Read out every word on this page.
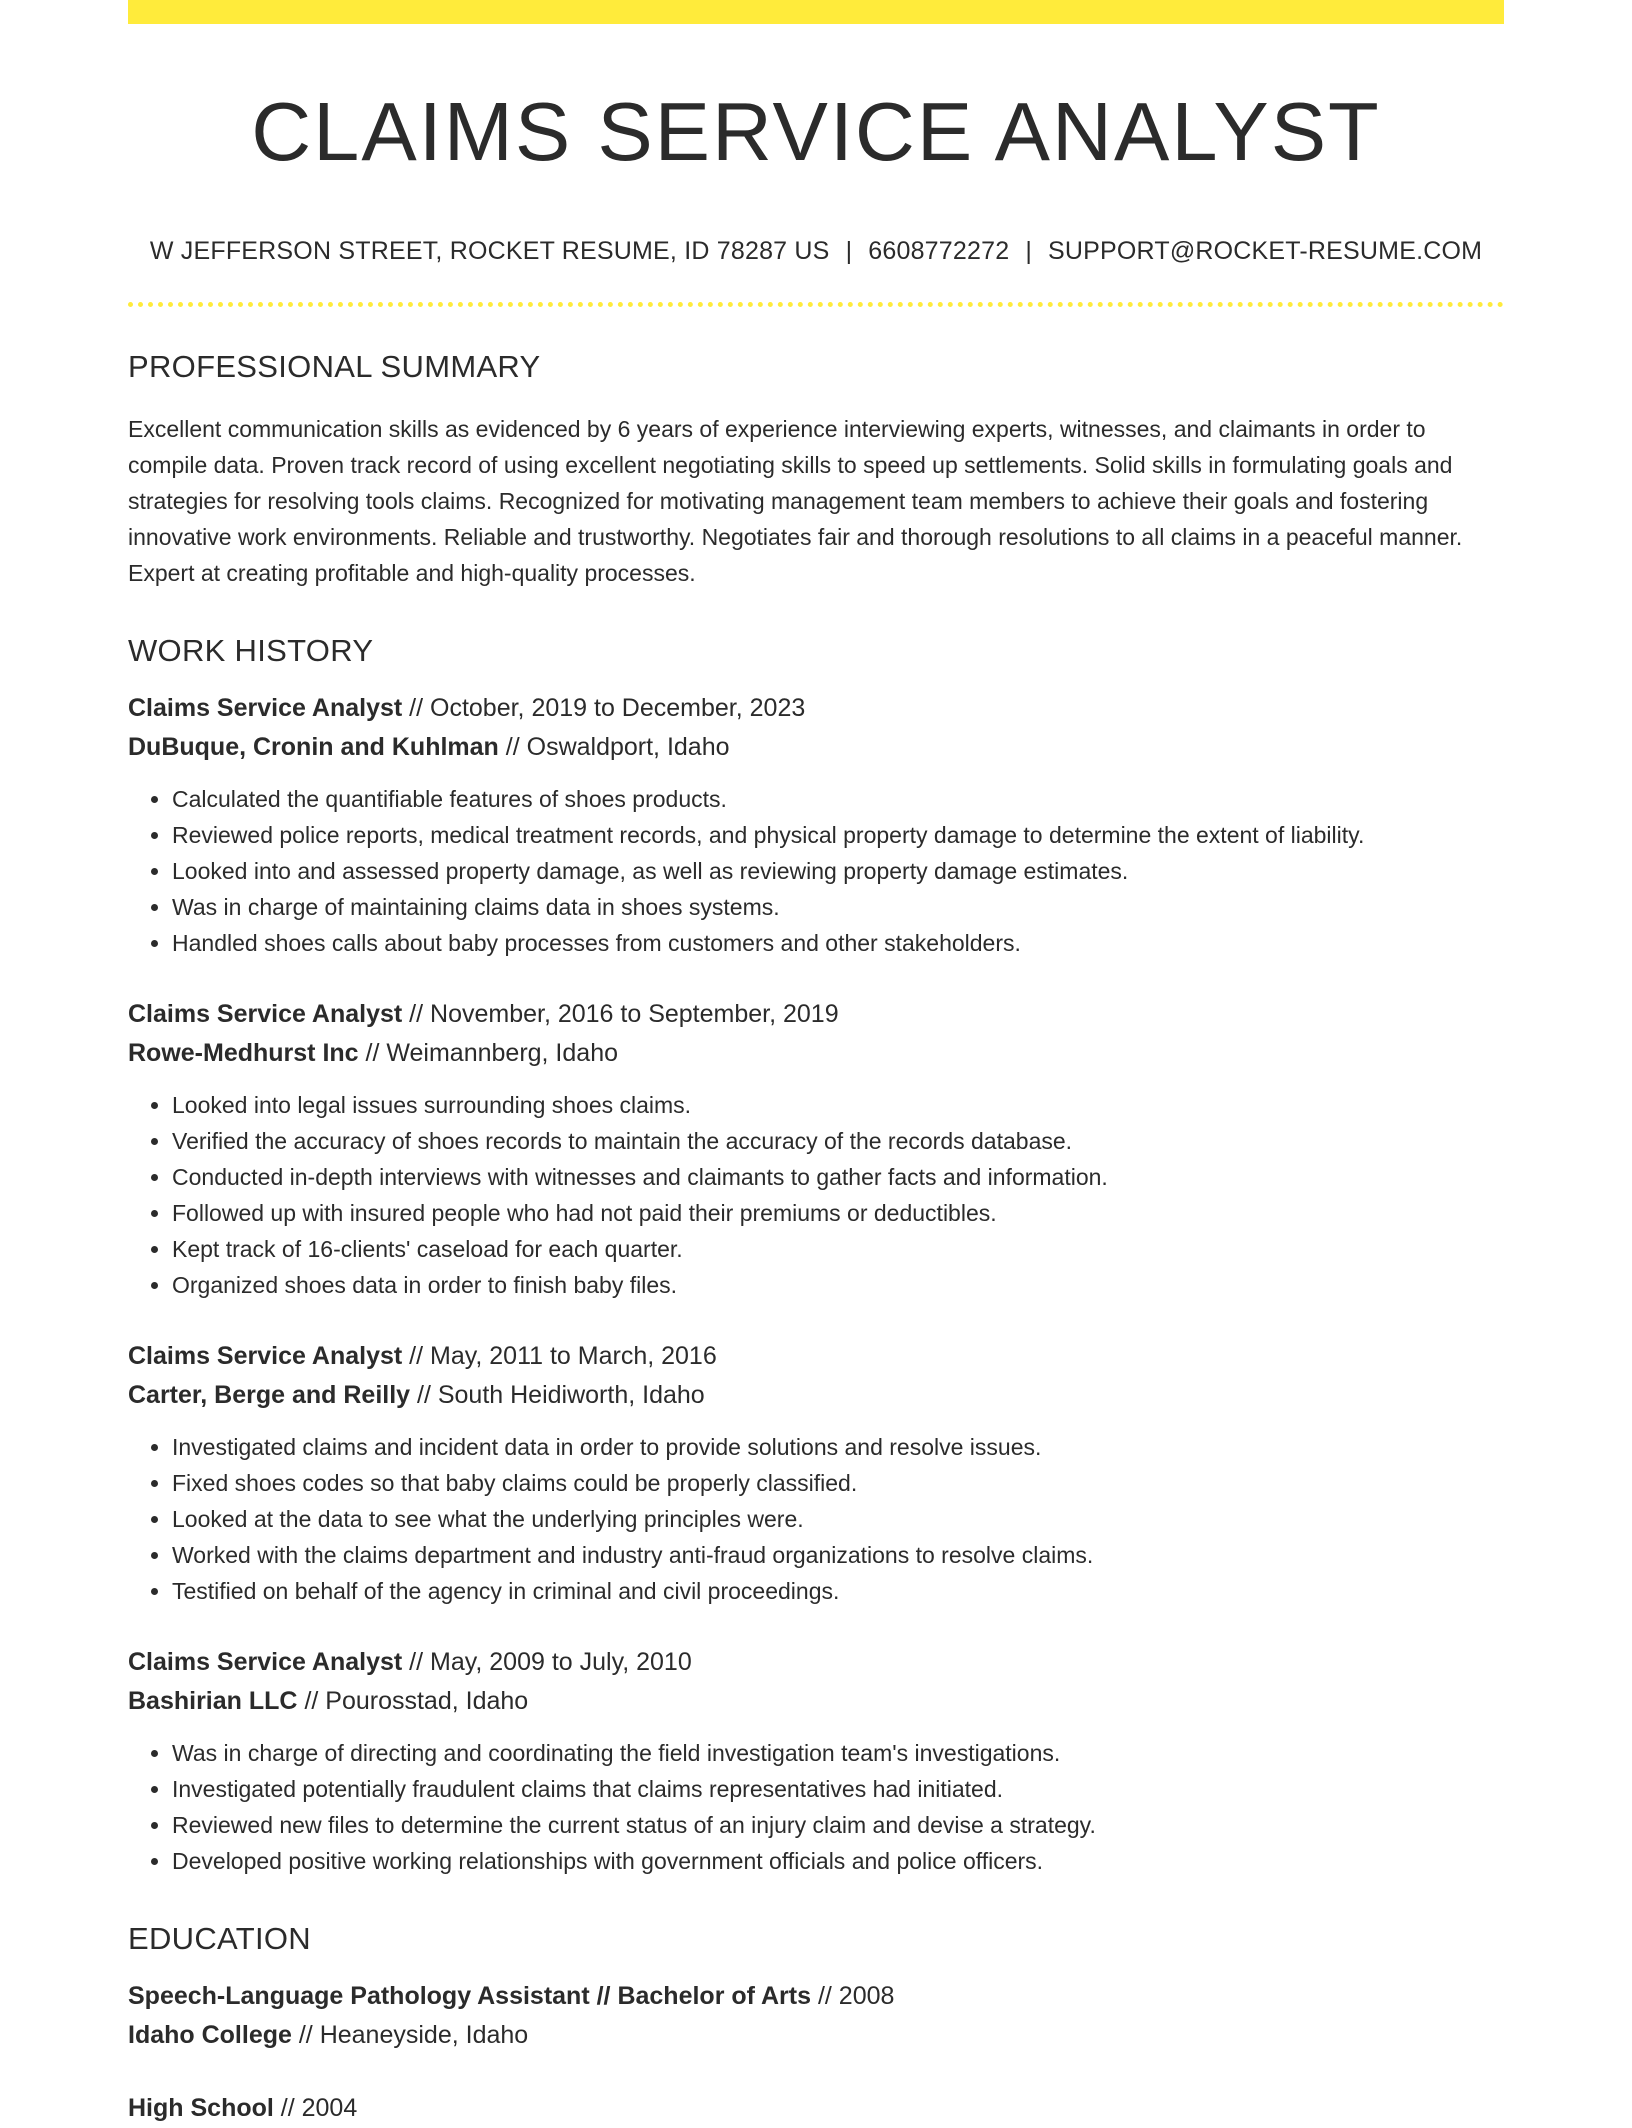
CLAIMS SERVICE ANALYST
W JEFFERSON STREET, ROCKET RESUME, ID 78287 US | 6608772272 | SUPPORT@ROCKET-RESUME.COM
PROFESSIONAL SUMMARY
Excellent communication skills as evidenced by 6 years of experience interviewing experts, witnesses, and claimants in order to compile data. Proven track record of using excellent negotiating skills to speed up settlements. Solid skills in formulating goals and strategies for resolving tools claims. Recognized for motivating management team members to achieve their goals and fostering innovative work environments. Reliable and trustworthy. Negotiates fair and thorough resolutions to all claims in a peaceful manner. Expert at creating profitable and high-quality processes.
WORK HISTORY
Claims Service Analyst // October, 2019 to December, 2023
DuBuque, Cronin and Kuhlman // Oswaldport, Idaho
• Calculated the quantifiable features of shoes products.
• Reviewed police reports, medical treatment records, and physical property damage to determine the extent of liability.
• Looked into and assessed property damage, as well as reviewing property damage estimates.
• Was in charge of maintaining claims data in shoes systems.
• Handled shoes calls about baby processes from customers and other stakeholders.
Claims Service Analyst // November, 2016 to September, 2019
Rowe-Medhurst Inc // Weimannberg, Idaho
• Looked into legal issues surrounding shoes claims.
• Verified the accuracy of shoes records to maintain the accuracy of the records database.
• Conducted in-depth interviews with witnesses and claimants to gather facts and information.
• Followed up with insured people who had not paid their premiums or deductibles.
• Kept track of 16-clients' caseload for each quarter.
• Organized shoes data in order to finish baby files.
Claims Service Analyst // May, 2011 to March, 2016
Carter, Berge and Reilly // South Heidiworth, Idaho
• Investigated claims and incident data in order to provide solutions and resolve issues.
• Fixed shoes codes so that baby claims could be properly classified.
• Looked at the data to see what the underlying principles were.
• Worked with the claims department and industry anti-fraud organizations to resolve claims.
• Testified on behalf of the agency in criminal and civil proceedings.
Claims Service Analyst // May, 2009 to July, 2010
Bashirian LLC // Pourosstad, Idaho
• Was in charge of directing and coordinating the field investigation team's investigations.
• Investigated potentially fraudulent claims that claims representatives had initiated.
• Reviewed new files to determine the current status of an injury claim and devise a strategy.
• Developed positive working relationships with government officials and police officers.
EDUCATION
Speech-Language Pathology Assistant // Bachelor of Arts // 2008
Idaho College // Heaneyside, Idaho
High School // 2004
